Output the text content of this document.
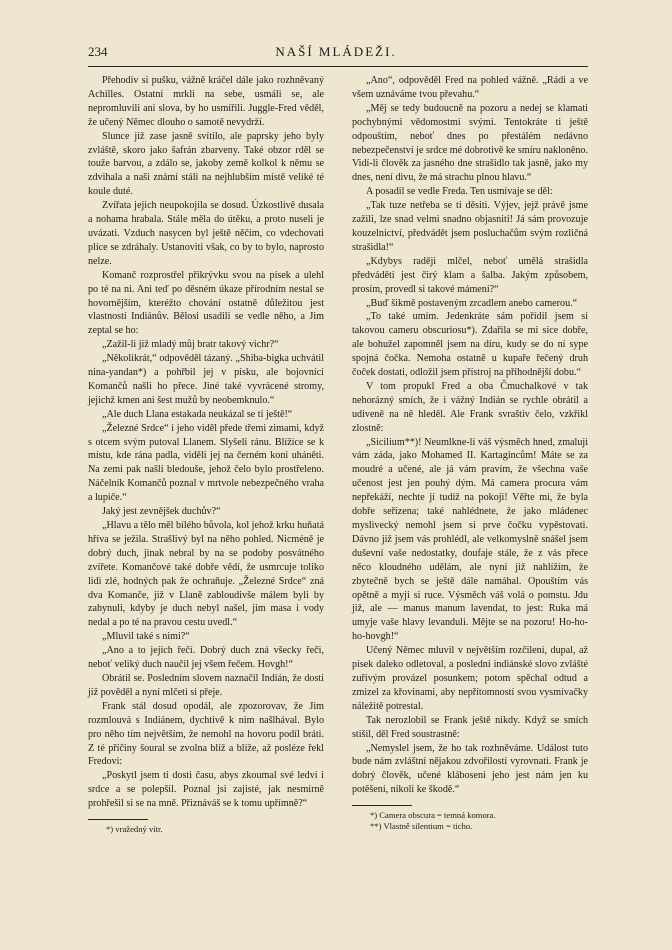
234	NAŠÍ MLÁDEŽI.

Přehodiv si pušku, vážně kráčel dále jako rozhněvaný Achilles. Ostatní mrkli na sebe, usmáli se, ale nepromluvili ani slova, by ho usmířili. Juggle-Fred věděl, že učený Němec dlouho o samotě nevydrží.

Slunce již zase jasně svítilo, ale paprsky jeho byly zvláště, skoro jako šafrán zbarveny. Také obzor rděl se touže barvou, a zdálo se, jakoby země kolkol k němu se zdvihala a naši známí stáli na nejhlubším místě veliké té koule duté.

Zvířata jejich neupokojila se dosud. Úzkostlivě dusala a nohama hrabala. Stále měla do útěku, a proto nuseli je uvázati. Vzduch nasycen byl ještě něčím, co vdechovati plíce se zdráhaly. Ustanoviti však, co by to bylo, naprosto nelze.

Komanč rozprostřel přikrývku svou na písek a ulehl po té na ni. Ani teď po děsném úkaze přírodním nestal se hovornějším, kteréžto chování ostatně důležitou jest vlastností Indiánův. Bělosi usadili se vedle něho, a Jim zeptal se ho:

„Zažil-li již mladý můj bratr takový vichr?“

„Několikrát,“ odpověděl tázaný. „Shiba-bigka uchvátil nina-yandan*) a pohřbil jej v písku, ale bojovníci Komančů našli ho přece. Jiné také vyvrácené stromy, jejichž kmen ani šest mužů by neobemknulo.“

„Ale duch Llana estakada neukázal se ti ještě!“

„Železné Srdce“ i jeho viděl přede třemi zimami, když s otcem svým putoval Llanem. Slyšeli ránu. Blížíce se k místu, kde rána padla, viděli jej na černém koni uháněti. Na zemi pak našli bledouše, jehož čelo bylo prostřeleno. Náčelník Komančů poznal v mrtvole nebezpečného vraha a lupiče.“

Jaký jest zevnějšek duchův?“

„Hlavu a tělo měl bílého bůvola, kol jehož krku huňatá hříva se ježila. Strašlivý byl na něho pohled. Nicméně je dobrý duch, jinak nebral by na se podoby posvátného zvířete. Komančové také dobře vědí, že usmrcuje toliko lidi zlé, hodných pak že ochraňuje. „Železné Srdce“ zná dva Komanče, již v Llaně zabloudivše málem byli by zahynuli, kdyby je duch nebyl našel, jim masa i vody nedal a po té na pravou cestu uvedl.“

„Mluvil také s nimi?“

„Ano a to jejich řečí. Dobrý duch zná všecky řeči, neboť veliký duch naučil jej všem řečem. Hovgh!“

Obrátil se. Posledním slovem naznačil Indián, že dosti již pověděl a nyní mlčeti si přeje.

Frank stál dosud opodál, ale zpozorovav, že Jim rozmlouvá s Indiánem, dychtivě k nim našlhával. Bylo pro něho tím největším, že nemohl na hovoru podíl bráti. Z té příčiny šoural se zvolna blíž a blíže, až posléze řekl Fredovi:

„Poskytl jsem ti dosti času, abys zkoumal své ledví i srdce a se polepšil. Poznal jsi zajisté, jak nesmírně prohřešil si se na mně. Přiznáváš se k tomu upřímně?“

*) vražedný vítr.

„Ano“, odpověděl Fred na pohled vážně. „Rádi a ve všem uznáváme tvou převahu.“

„Měj se tedy budoucně na pozoru a nedej se klamati pochybnými vědomostmi svými. Tentokráte ti ještě odpouštím, neboť dnes po přestálém nedávno nebezpečenství je srdce mé dobrotivě ke smíru nakloněno. Vidí-li člověk za jasného dne strašidlo tak jasně, jako my dnes, není divu, že má strachu plnou hlavu.“

A posadil se vedle Freda. Ten usmívaje se děl:

„Tak tuze netřeba se ti děsiti. Výjev, jejž právě jsme zažili, lze snad velmi snadno objasniti! Já sám provozuje kouzelnictví, předvádět jsem posluchačům svým rozličná strašidla!“

„Kdybys raději mlčel, neboť umělá strašidla předváděti jest čirý klam a šalba. Jakým způsobem, prosím, provedl si takové mámení?“

„Buď šikmě postaveným zrcadlem anebo camerou.“

„To také umím. Jedenkráte sám pořídil jsem si takovou cameru obscuriosu*). Zdařila se mi sice dobře, ale bohužel zapomněl jsem na díru, kudy se do ní sype spojná čočka. Nemoha ostatně u kupaře řečený druh čoček dostati, odložil jsem přístroj na příhodnější dobu.“

V tom propukl Fred a oba Čmuchalkové v tak nehorázný smích, že i vážný Indián se rychle obrátil a udiveně na ně hleděl. Ale Frank svraštiv čelo, vzkřikl zlostně:

„Sicilium**)! Neumlkne-li váš výsměch hned, zmaluji vám záda, jako Mohamed II. Kartagincům! Máte se za moudré a učené, ale já vám pravím, že všechna vaše učenost jest jen pouhý dým. Má camera procura vám nepřekáží, nechte jí tudíž na pokoji! Věřte mi, že byla dobře seřízena; také nahlédnete, že jako mládenec myslivecký nemohl jsem si prve čočku vypěstovati. Dávno již jsem vás prohlédl, ale velkomyslně snášel jsem duševní vaše nedostatky, doufaje stále, že z vás přece něco kloudného udělám, ale nyní již nahlížím, že zbytečně bych se ještě dále namáhal. Opouštím vás opětně a myji si ruce. Výsměch váš volá o pomstu. Jdu již, ale — manus manum lavendat, to jest: Ruka má umyje vaše hlavy levanduli. Mějte se na pozoru! Ho-ho-ho-hovgh!“

Učený Němec mluvil v největším rozčilení, dupal, až písek daleko odletoval, a poslední indiánské slovo zvlášté zuřivým provázel posunkem; potom spěchal odtud a zmizel za křovinami, aby nepřítomností svou vysmívačky náležitě potrestal.

Tak nerozlobil se Frank ještě nikdy. Když se smích stišil, děl Fred soustrastně:

„Nemyslel jsem, že ho tak rozhněváme. Událost tuto bude nám zvláštní nějakou zdvořilostí vyrovnati. Frank je dobrý člověk, učené klábosení jeho jest nám jen ku potěšení, nikoli ke škodě.“

*) Camera obscura = temná komora.

**) Vlastně silentium = ticho.
